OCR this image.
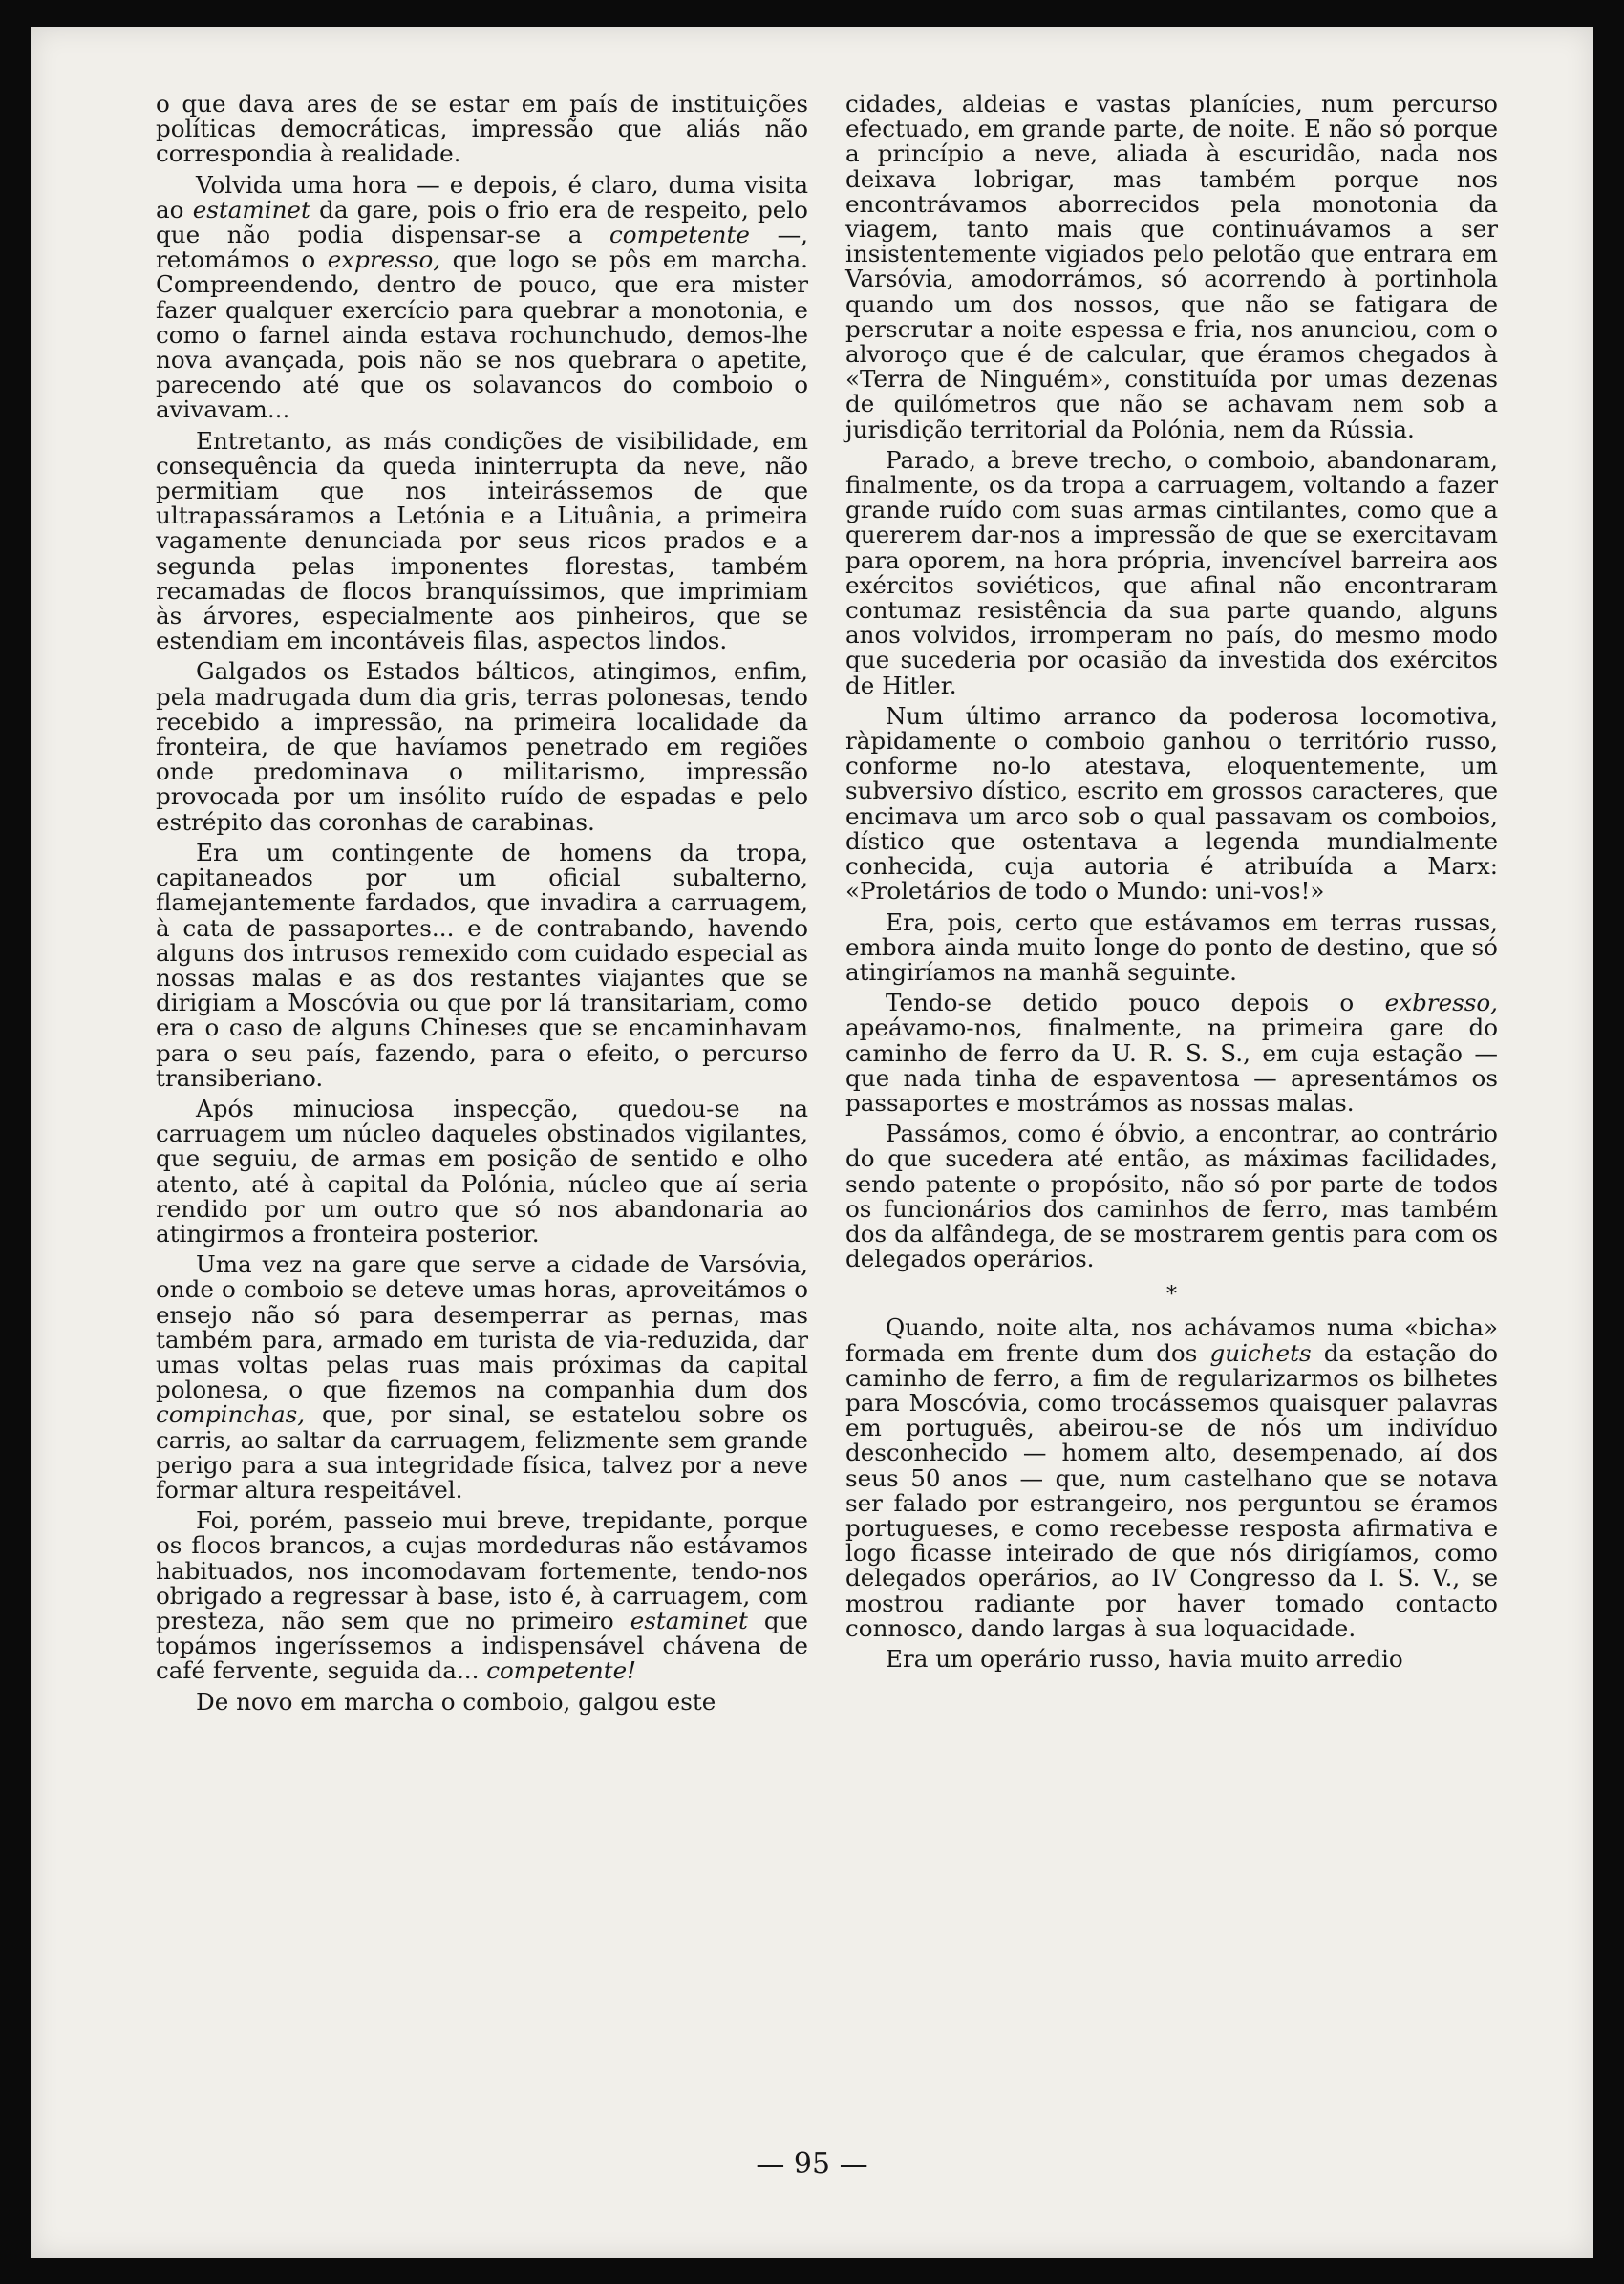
o que dava ares de se estar em país de instituições políticas democráticas, impressão que aliás não correspondia à realidade.

Volvida uma hora — e depois, é claro, duma visita ao estaminet da gare, pois o frio era de respeito, pelo que não podia dispensar-se a competente —, retomámos o expresso, que logo se pôs em marcha. Compreendendo, dentro de pouco, que era mister fazer qualquer exercício para quebrar a monotonia, e como o farnel ainda estava rochunchudo, demos-lhe nova avançada, pois não se nos quebrara o apetite, parecendo até que os solavancos do comboio o avivavam...

Entretanto, as más condições de visibilidade, em consequência da queda ininterrupta da neve, não permitiam que nos inteirássemos de que ultrapassáramos a Letónia e a Lituânia, a primeira vagamente denunciada por seus ricos prados e a segunda pelas imponentes florestas, também recamadas de flocos branquíssimos, que imprimiam às árvores, especialmente aos pinheiros, que se estendiam em incontáveis filas, aspectos lindos.

Galgados os Estados bálticos, atingimos, enfim, pela madrugada dum dia gris, terras polonesas, tendo recebido a impressão, na primeira localidade da fronteira, de que havíamos penetrado em regiões onde predominava o militarismo, impressão provocada por um insólito ruído de espadas e pelo estrépito das coronhas de carabinas.

Era um contingente de homens da tropa, capitaneados por um oficial subalterno, flamejantemente fardados, que invadira a carruagem, à cata de passaportes... e de contrabando, havendo alguns dos intrusos remexido com cuidado especial as nossas malas e as dos restantes viajantes que se dirigiam a Moscóvia ou que por lá transitariam, como era o caso de alguns Chineses que se encaminhavam para o seu país, fazendo, para o efeito, o percurso transiberiano.

Após minuciosa inspecção, quedou-se na carruagem um núcleo daqueles obstinados vigilantes, que seguiu, de armas em posição de sentido e olho atento, até à capital da Polónia, núcleo que aí seria rendido por um outro que só nos abandonaria ao atingirmos a fronteira posterior.

Uma vez na gare que serve a cidade de Varsóvia, onde o comboio se deteve umas horas, aproveitámos o ensejo não só para desemperrar as pernas, mas também para, armado em turista de via-reduzida, dar umas voltas pelas ruas mais próximas da capital polonesa, o que fizemos na companhia dum dos compinchas, que, por sinal, se estatelou sobre os carris, ao saltar da carruagem, felizmente sem grande perigo para a sua integridade física, talvez por a neve formar altura respeitável.

Foi, porém, passeio mui breve, trepidante, porque os flocos brancos, a cujas mordeduras não estávamos habituados, nos incomodavam fortemente, tendo-nos obrigado a regressar à base, isto é, à carruagem, com presteza, não sem que no primeiro estaminet que topámos ingeríssemos a indispensável chávena de café fervente, seguida da... competente!

De novo em marcha o comboio, galgou este

cidades, aldeias e vastas planícies, num percurso efectuado, em grande parte, de noite. E não só porque a princípio a neve, aliada à escuridão, nada nos deixava lobrigar, mas também porque nos encontrávamos aborrecidos pela monotonia da viagem, tanto mais que continuávamos a ser insistentemente vigiados pelo pelotão que entrara em Varsóvia, amodorrámos, só acorrendo à portinhola quando um dos nossos, que não se fatigara de perscrutar a noite espessa e fria, nos anunciou, com o alvoroço que é de calcular, que éramos chegados à «Terra de Ninguém», constituída por umas dezenas de quilómetros que não se achavam nem sob a jurisdição territorial da Polónia, nem da Rússia.

Parado, a breve trecho, o comboio, abandonaram, finalmente, os da tropa a carruagem, voltando a fazer grande ruído com suas armas cintilantes, como que a quererem dar-nos a impressão de que se exercitavam para oporem, na hora própria, invencível barreira aos exércitos soviéticos, que afinal não encontraram contumaz resistência da sua parte quando, alguns anos volvidos, irromperam no país, do mesmo modo que sucederia por ocasião da investida dos exércitos de Hitler.

Num último arranco da poderosa locomotiva, ràpidamente o comboio ganhou o território russo, conforme no-lo atestava, eloquentemente, um subversivo dístico, escrito em grossos caracteres, que encimava um arco sob o qual passavam os comboios, dístico que ostentava a legenda mundialmente conhecida, cuja autoria é atribuída a Marx: «Proletários de todo o Mundo: uni-vos!»

Era, pois, certo que estávamos em terras russas, embora ainda muito longe do ponto de destino, que só atingiríamos na manhã seguinte.

Tendo-se detido pouco depois o exbresso, apeávamo-nos, finalmente, na primeira gare do caminho de ferro da U. R. S. S., em cuja estação — que nada tinha de espaventosa — apresentámos os passaportes e mostrámos as nossas malas.

Passámos, como é óbvio, a encontrar, ao contrário do que sucedera até então, as máximas facilidades, sendo patente o propósito, não só por parte de todos os funcionários dos caminhos de ferro, mas também dos da alfândega, de se mostrarem gentis para com os delegados operários.

*

Quando, noite alta, nos achávamos numa «bicha» formada em frente dum dos guichets da estação do caminho de ferro, a fim de regularizarmos os bilhetes para Moscóvia, como trocássemos quaisquer palavras em português, abeirou-se de nós um indivíduo desconhecido — homem alto, desempenado, aí dos seus 50 anos — que, num castelhano que se notava ser falado por estrangeiro, nos perguntou se éramos portugueses, e como recebesse resposta afirmativa e logo ficasse inteirado de que nós dirigíamos, como delegados operários, ao IV Congresso da I. S. V., se mostrou radiante por haver tomado contacto connosco, dando largas à sua loquacidade.

Era um operário russo, havia muito arredio

— 95 —
